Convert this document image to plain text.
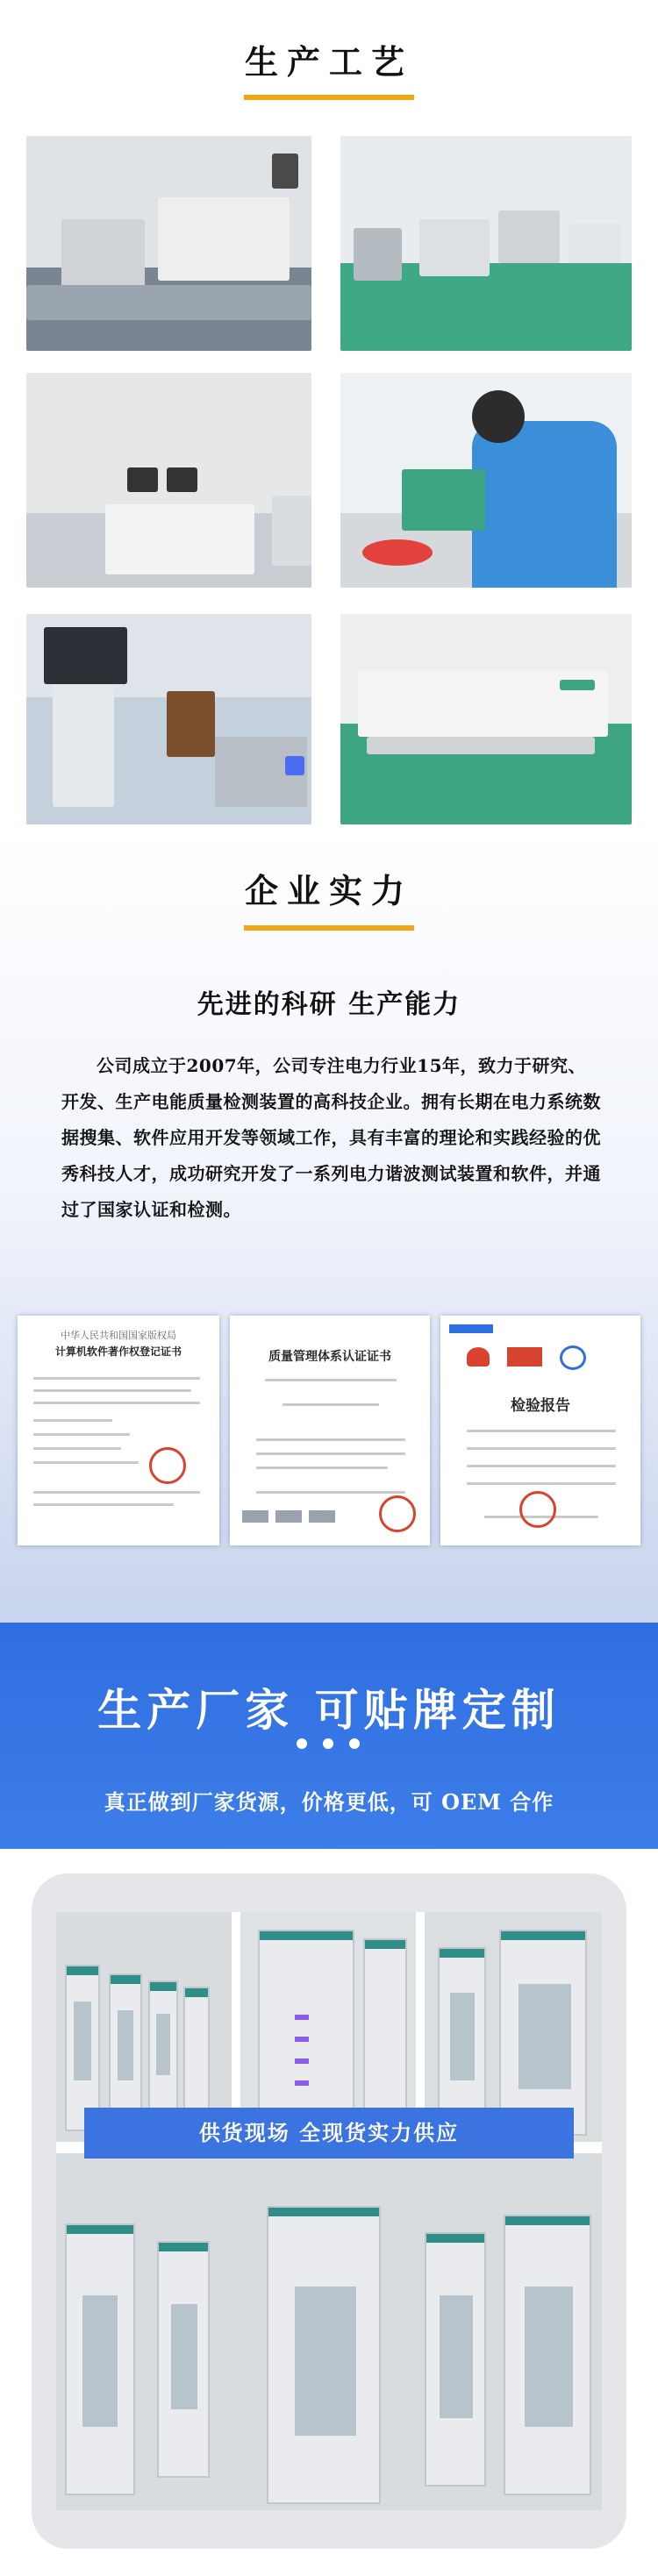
生产工艺
企业实力
先进的科研 生产能力
公司成立于2007年，公司专注电力行业15年，致力于研究、开发、生产电能质量检测装置的高科技企业。拥有长期在电力系统数据搜集、软件应用开发等领域工作，具有丰富的理论和实践经验的优秀科技人才，成功研究开发了一系列电力谐波测试装置和软件，并通过了国家认证和检测。
中华人民共和国国家版权局
计算机软件著作权登记证书	质量管理体系认证证书
检验报告
生产厂家 可贴牌定制
真正做到厂家货源，价格更低，可 OEM 合作
供货现场 全现货实力供应
